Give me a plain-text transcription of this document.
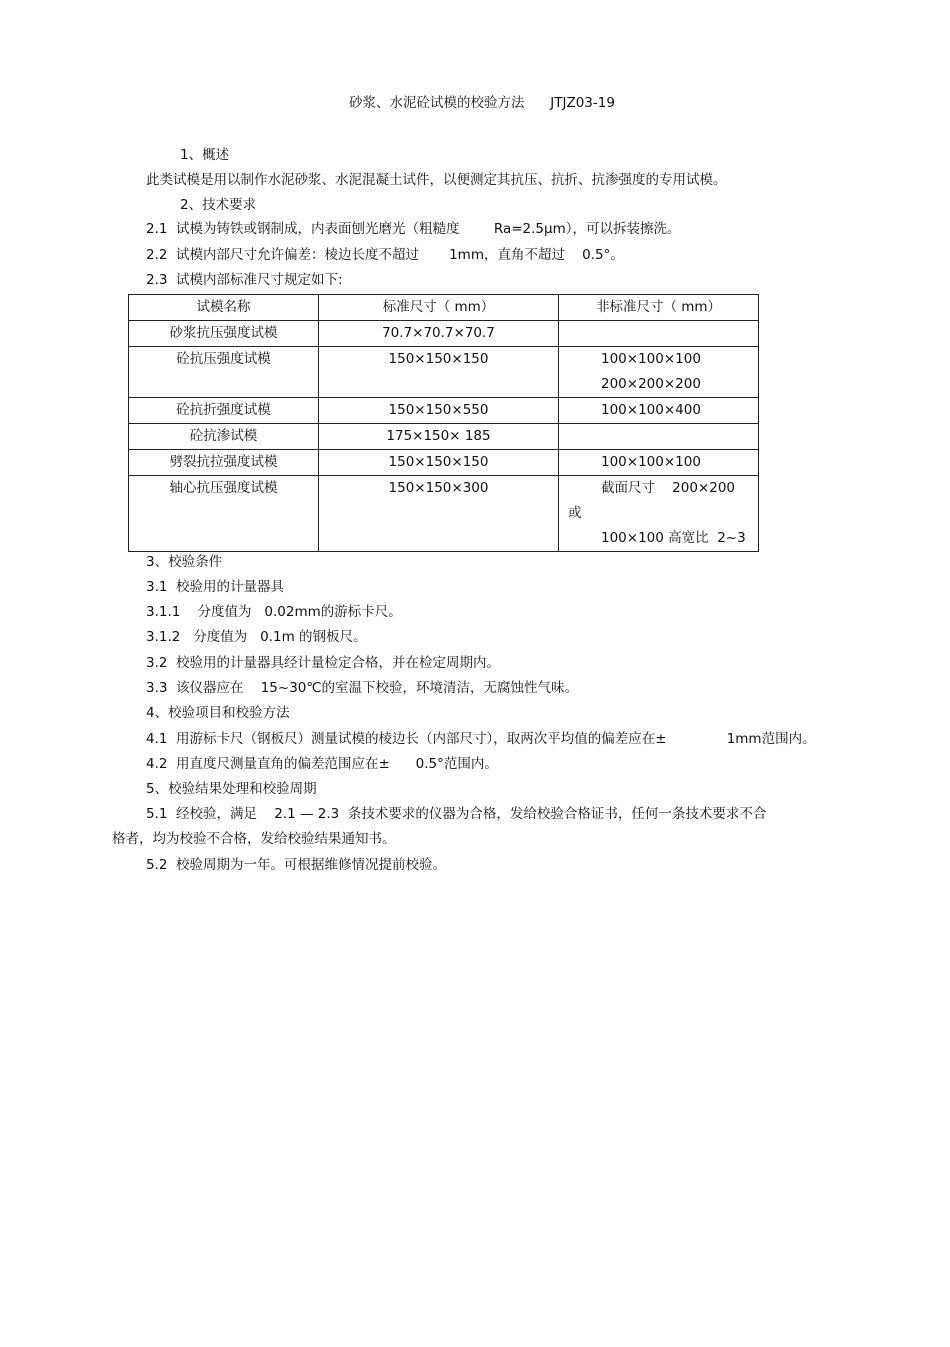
砂浆、水泥砼试模的校验方法      JTJZ03-19
1、概述
此类试模是用以制作水泥砂浆、水泥混凝土试件，以便测定其抗压、抗折、抗渗强度的专用试模。
2、技术要求
2.1  试模为铸铁或钢制成，内表面刨光磨光（粗糙度        Ra=2.5μm），可以拆装擦洗。
2.2  试模内部尺寸允许偏差：棱边长度不超过       1mm，直角不超过    0.5°。
2.3  试模内部标准尺寸规定如下:
试模名称	标准尺寸（ mm）	非标准尺寸（ mm）
砂浆抗压强度试模	70.7×70.7×70.7	

砼抗压强度试模	150×150×150	100×100×100
200×200×200

砼抗折强度试模	150×150×550	100×100×400

砼抗渗试模	175×150× 185	

劈裂抗拉强度试模	150×150×150	100×100×100

轴心抗压强度试模	150×150×300	截面尺寸    200×200
或
100×100 高宽比  2~3
3、校验条件
3.1  校验用的计量器具
3.1.1    分度值为   0.02mm的游标卡尺。
3.1.2   分度值为   0.1m 的钢板尺。
3.2  校验用的计量器具经计量检定合格，并在检定周期内。
3.3  该仪器应在    15~30℃的室温下校验，环境清洁，无腐蚀性气味。
4、校验项目和校验方法
4.1  用游标卡尺（钢板尺）测量试模的棱边长（内部尺寸），取两次平均值的偏差应在±              1mm范围内。
4.2  用直度尺测量直角的偏差范围应在±      0.5°范围内。
5、校验结果处理和校验周期
5.1  经校验，满足    2.1 — 2.3  条技术要求的仪器为合格，发给校验合格证书，任何一条技术要求不合
格者，均为校验不合格，发给校验结果通知书。
5.2  校验周期为一年。可根据维修情况提前校验。
